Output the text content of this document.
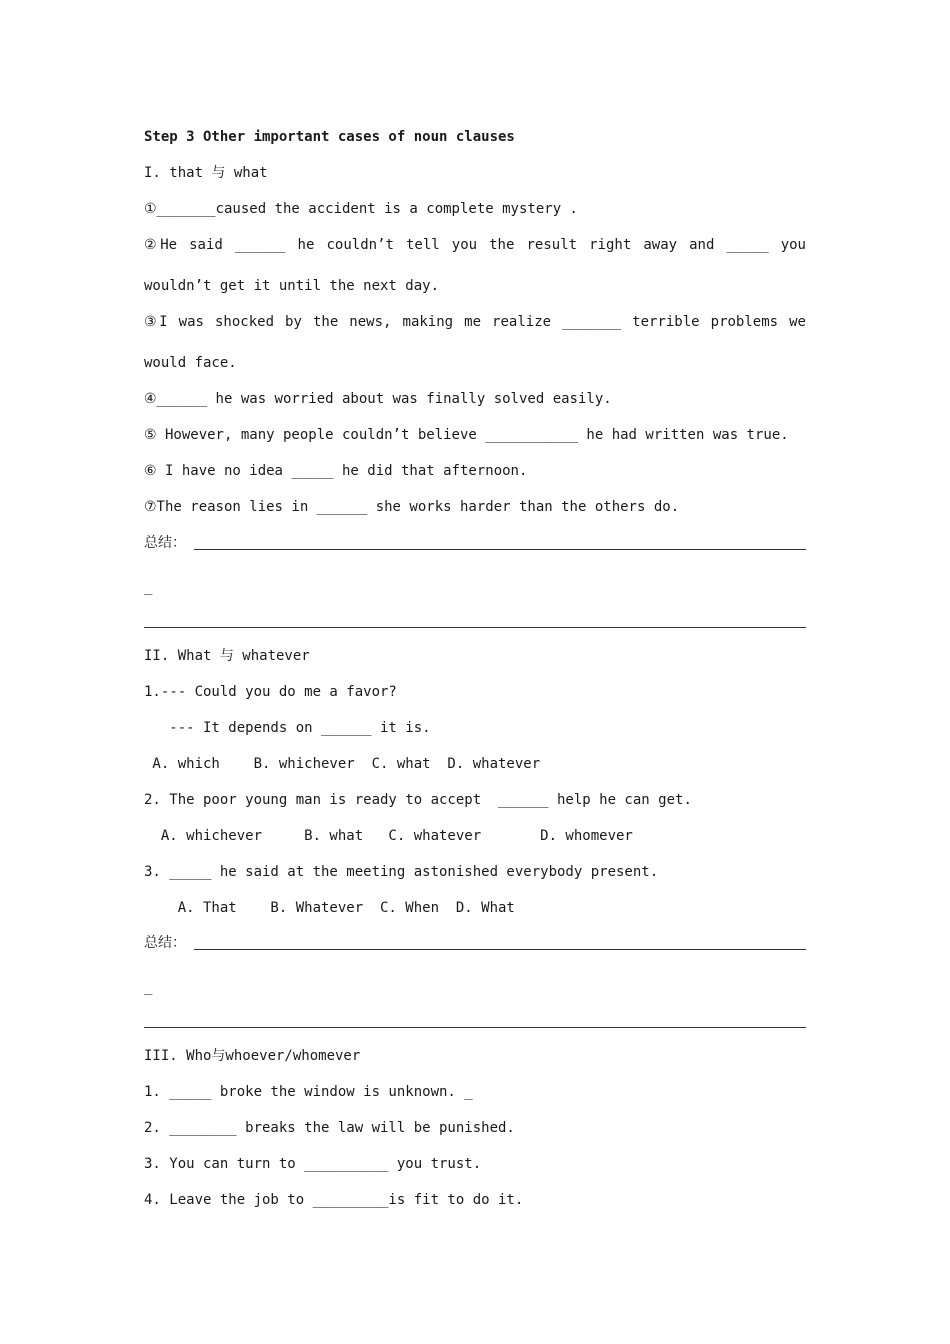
Step 3 Other important cases of noun clauses
I. that 与 what
①_______caused the accident is a complete mystery .
②He said ______ he couldn’t tell you the result right away and _____ you
wouldn’t get it until the next day.
③I was shocked by the news, making me realize _______ terrible problems we
would face.
④______ he was worried about was finally solved easily.
⑤ However, many people couldn’t believe ___________ he had written was true.
⑥ I have no idea _____ he did that afternoon.
⑦The reason lies in ______ she works harder than the others do.
总结：
_
II. What 与 whatever
1.--- Could you do me a favor?
--- It depends on ______ it is.
A. which    B. whichever  C. what  D. whatever
2. The poor young man is ready to accept  ______ help he can get.
A. whichever     B. what   C. whatever       D. whomever
3. _____ he said at the meeting astonished everybody present.
A. That    B. Whatever  C. When  D. What
总结：
_
III. Who与whoever/whomever
1. _____ broke the window is unknown. _
2. ________ breaks the law will be punished.
3. You can turn to __________ you trust.
4. Leave the job to _________is fit to do it.
